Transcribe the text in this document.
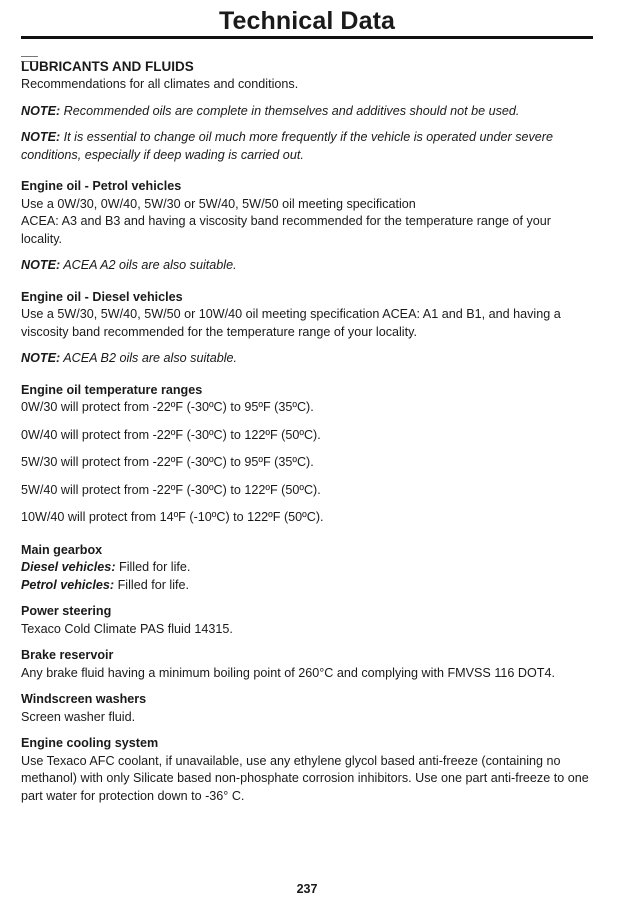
Technical Data

LUBRICANTS AND FLUIDS

Recommendations for all climates and conditions.

NOTE: Recommended oils are complete in themselves and additives should not be used.

NOTE: It is essential to change oil much more frequently if the vehicle is operated under severe conditions, especially if deep wading is carried out.

Engine oil - Petrol vehicles

Use a 0W/30, 0W/40, 5W/30 or 5W/40, 5W/50 oil meeting specification

ACEA: A3 and B3 and having a viscosity band recommended for the temperature range of your locality.

NOTE: ACEA A2 oils are also suitable.

Engine oil - Diesel vehicles

Use a 5W/30, 5W/40, 5W/50 or 10W/40 oil meeting specification ACEA: A1 and B1, and having a viscosity band recommended for the temperature range of your locality.

NOTE: ACEA B2 oils are also suitable.

Engine oil temperature ranges

0W/30 will protect from -22ºF (-30ºC) to 95ºF (35ºC).

0W/40 will protect from -22ºF (-30ºC) to 122ºF (50ºC).

5W/30 will protect from -22ºF (-30ºC) to 95ºF (35ºC).

5W/40 will protect from -22ºF (-30ºC) to 122ºF (50ºC).

10W/40 will protect from 14ºF (-10ºC) to 122ºF (50ºC).

Main gearbox

Diesel vehicles: Filled for life.

Petrol vehicles: Filled for life.

Power steering

Texaco Cold Climate PAS fluid 14315.

Brake reservoir

Any brake fluid having a minimum boiling point of 260°C and complying with FMVSS 116 DOT4.

Windscreen washers

Screen washer fluid.

Engine cooling system

Use Texaco AFC coolant, if unavailable, use any ethylene glycol based anti-freeze (containing no methanol) with only Silicate based non-phosphate corrosion inhibitors. Use one part anti-freeze to one part water for protection down to -36° C.

237
